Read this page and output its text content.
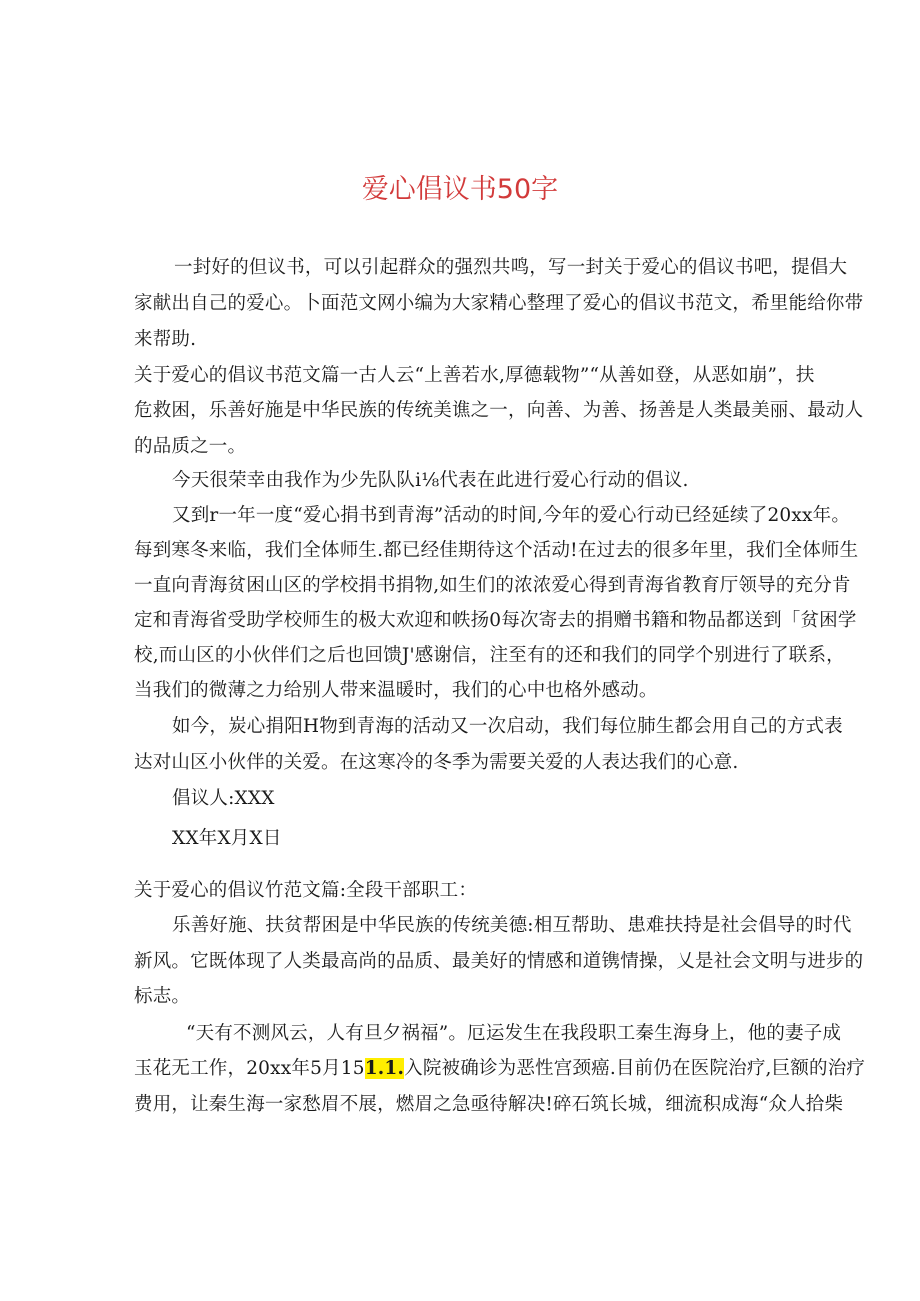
爱心倡议书50字
一封好的但议书，可以引起群众的强烈共鸣，写一封关于爱心的倡议书吧，提倡大
家献出自己的爱心。卜面范文网小编为大家精心整理了爱心的倡议书范文，希里能给你带
来帮助.
关于爱心的倡议书范文篇一古人云“上善若水,厚德载物”“从善如登，从恶如崩”，扶
危救困，乐善好施是中华民族的传统美谯之一，向善、为善、扬善是人类最美丽、最动人
的品质之一。
今天很荣幸由我作为少先队队i⅛代表在此进行爱心行动的倡议.
又到r一年一度“爱心捐书到青海”活动的时间,今年的爱心行动已经延续了20xx年。
每到寒冬来临，我们全体师生.都已经佳期待这个活动!在过去的很多年里，我们全体师生
一直向青海贫困山区的学校捐书捐物,如生们的浓浓爱心得到青海省教育厅领导的充分肯
定和青海省受助学校师生的极大欢迎和帙扬0每次寄去的捐赠书籍和物品都送到「贫困学
校,而山区的小伙伴们之后也回馈J'感谢信，注至有的还和我们的同学个别进行了联系，
当我们的微薄之力给别人带来温暖时，我们的心中也格外感动。
如今，炭心捐阳H物到青海的活动又一次启动，我们每位肺生都会用自己的方式表
达对山区小伙伴的关爱。在这寒冷的冬季为需要关爱的人表达我们的心意.
倡议人:XXX
XX年X月X日
关于爱心的倡议竹范文篇:全段干部职工：
乐善好施、扶贫帮困是中华民族的传统美德:相互帮助、患难扶持是社会倡导的时代
新风。它既体现了人类最高尚的品质、最美好的情感和道镌情操，乂是社会文明与进步的
标志。
“天有不测风云，人有旦夕祸福”。厄运发生在我段职工秦生海身上，他的妻子成
玉花无工作，20xx年5月151.1.入院被确诊为恶性宫颈癌.目前仍在医院治疗,巨额的治疗
费用，让秦生海一家愁眉不展，燃眉之急亟待解决!碎石筑长城，细流积成海“众人拾柴
